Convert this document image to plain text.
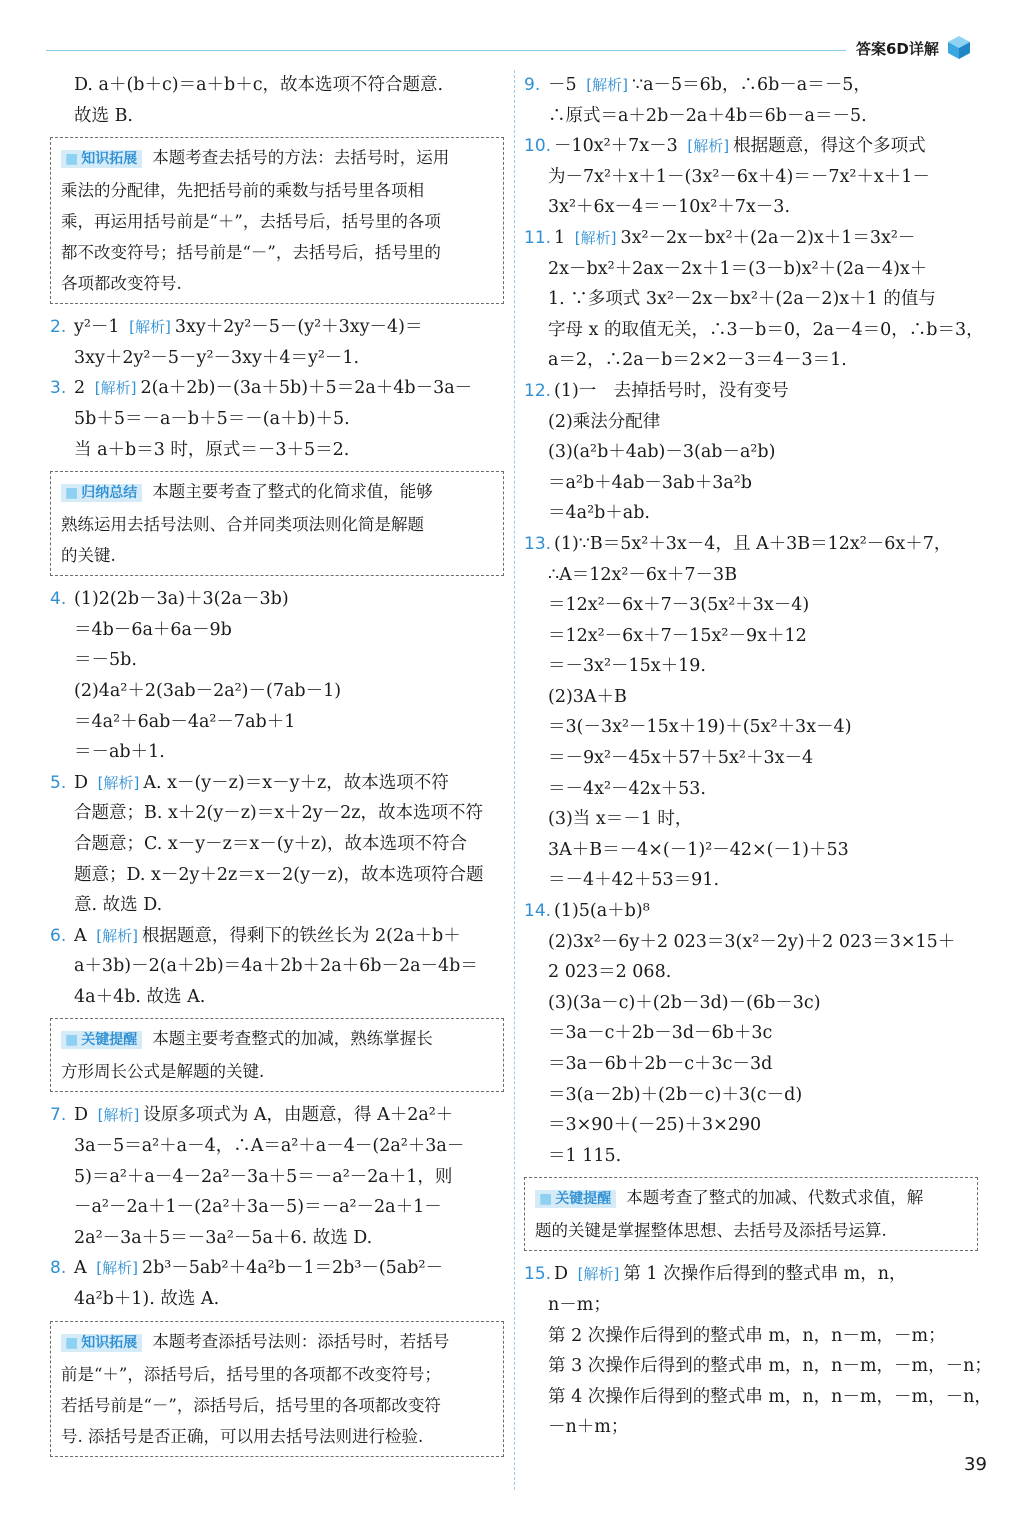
答案6D详解
D. a＋(b＋c)＝a＋b＋c，故本选项不符合题意.
故选 B.
■ 知识拓展 本题考查去括号的方法：去括号时，运用
乘法的分配律，先把括号前的乘数与括号里各项相
乘，再运用括号前是“＋”，去括号后，括号里的各项
都不改变符号；括号前是“－”，去括号后，括号里的
各项都改变符号.
2. y²－1 [解析] 3xy＋2y²－5－(y²＋3xy－4)＝
3xy＋2y²－5－y²－3xy＋4＝y²－1.
3. 2 [解析] 2(a＋2b)－(3a＋5b)＋5＝2a＋4b－3a－
5b＋5＝－a－b＋5＝－(a＋b)＋5.
当 a＋b＝3 时，原式＝－3＋5＝2.
■ 归纳总结 本题主要考查了整式的化简求值，能够
熟练运用去括号法则、合并同类项法则化简是解题
的关键.
4. (1)2(2b－3a)＋3(2a－3b)
＝4b－6a＋6a－9b
＝－5b.
(2)4a²＋2(3ab－2a²)－(7ab－1)
＝4a²＋6ab－4a²－7ab＋1
＝－ab＋1.
5. D [解析] A. x－(y－z)＝x－y＋z，故本选项不符
合题意；B. x＋2(y－z)＝x＋2y－2z，故本选项不符
合题意；C. x－y－z＝x－(y＋z)，故本选项不符合
题意；D. x－2y＋2z＝x－2(y－z)，故本选项符合题
意. 故选 D.
6. A [解析] 根据题意，得剩下的铁丝长为 2(2a＋b＋
a＋3b)－2(a＋2b)＝4a＋2b＋2a＋6b－2a－4b＝
4a＋4b. 故选 A.
■ 关键提醒 本题主要考查整式的加减，熟练掌握长
方形周长公式是解题的关键.
7. D [解析] 设原多项式为 A，由题意，得 A＋2a²＋
3a－5＝a²＋a－4，∴A＝a²＋a－4－(2a²＋3a－
5)＝a²＋a－4－2a²－3a＋5＝－a²－2a＋1，则
－a²－2a＋1－(2a²＋3a－5)＝－a²－2a＋1－
2a²－3a＋5＝－3a²－5a＋6. 故选 D.
8. A [解析] 2b³－5ab²＋4a²b－1＝2b³－(5ab²－
4a²b＋1). 故选 A.
■ 知识拓展 本题考查添括号法则：添括号时，若括号
前是“＋”，添括号后，括号里的各项都不改变符号；
若括号前是“－”，添括号后，括号里的各项都改变符
号. 添括号是否正确，可以用去括号法则进行检验.
9. －5 [解析] ∵a－5＝6b，∴6b－a＝－5，
∴原式＝a＋2b－2a＋4b＝6b－a＝－5.
10. －10x²＋7x－3 [解析] 根据题意，得这个多项式
为－7x²＋x＋1－(3x²－6x＋4)＝－7x²＋x＋1－
3x²＋6x－4＝－10x²＋7x－3.
11. 1 [解析] 3x²－2x－bx²＋(2a－2)x＋1＝3x²－
2x－bx²＋2ax－2x＋1＝(3－b)x²＋(2a－4)x＋
1. ∵多项式 3x²－2x－bx²＋(2a－2)x＋1 的值与
字母 x 的取值无关，∴3－b＝0，2a－4＝0，∴b＝3，
a＝2，∴2a－b＝2×2－3＝4－3＝1.
12. (1)一　去掉括号时，没有变号
(2)乘法分配律
(3)(a²b＋4ab)－3(ab－a²b)
＝a²b＋4ab－3ab＋3a²b
＝4a²b＋ab.
13. (1)∵B＝5x²＋3x－4，且 A＋3B＝12x²－6x＋7，
∴A＝12x²－6x＋7－3B
＝12x²－6x＋7－3(5x²＋3x－4)
＝12x²－6x＋7－15x²－9x＋12
＝－3x²－15x＋19.
(2)3A＋B
＝3(－3x²－15x＋19)＋(5x²＋3x－4)
＝－9x²－45x＋57＋5x²＋3x－4
＝－4x²－42x＋53.
(3)当 x＝－1 时，
3A＋B＝－4×(－1)²－42×(－1)＋53
＝－4＋42＋53＝91.
14. (1)5(a＋b)⁸
(2)3x²－6y＋2 023＝3(x²－2y)＋2 023＝3×15＋
2 023＝2 068.
(3)(3a－c)＋(2b－3d)－(6b－3c)
＝3a－c＋2b－3d－6b＋3c
＝3a－6b＋2b－c＋3c－3d
＝3(a－2b)＋(2b－c)＋3(c－d)
＝3×90＋(－25)＋3×290
＝1 115.
■ 关键提醒 本题考查了整式的加减、代数式求值，解
题的关键是掌握整体思想、去括号及添括号运算.
15. D [解析] 第 1 次操作后得到的整式串 m，n，
n－m；
第 2 次操作后得到的整式串 m，n，n－m，－m；
第 3 次操作后得到的整式串 m，n，n－m，－m，－n；
第 4 次操作后得到的整式串 m，n，n－m，－m，－n，
－n＋m；
39
